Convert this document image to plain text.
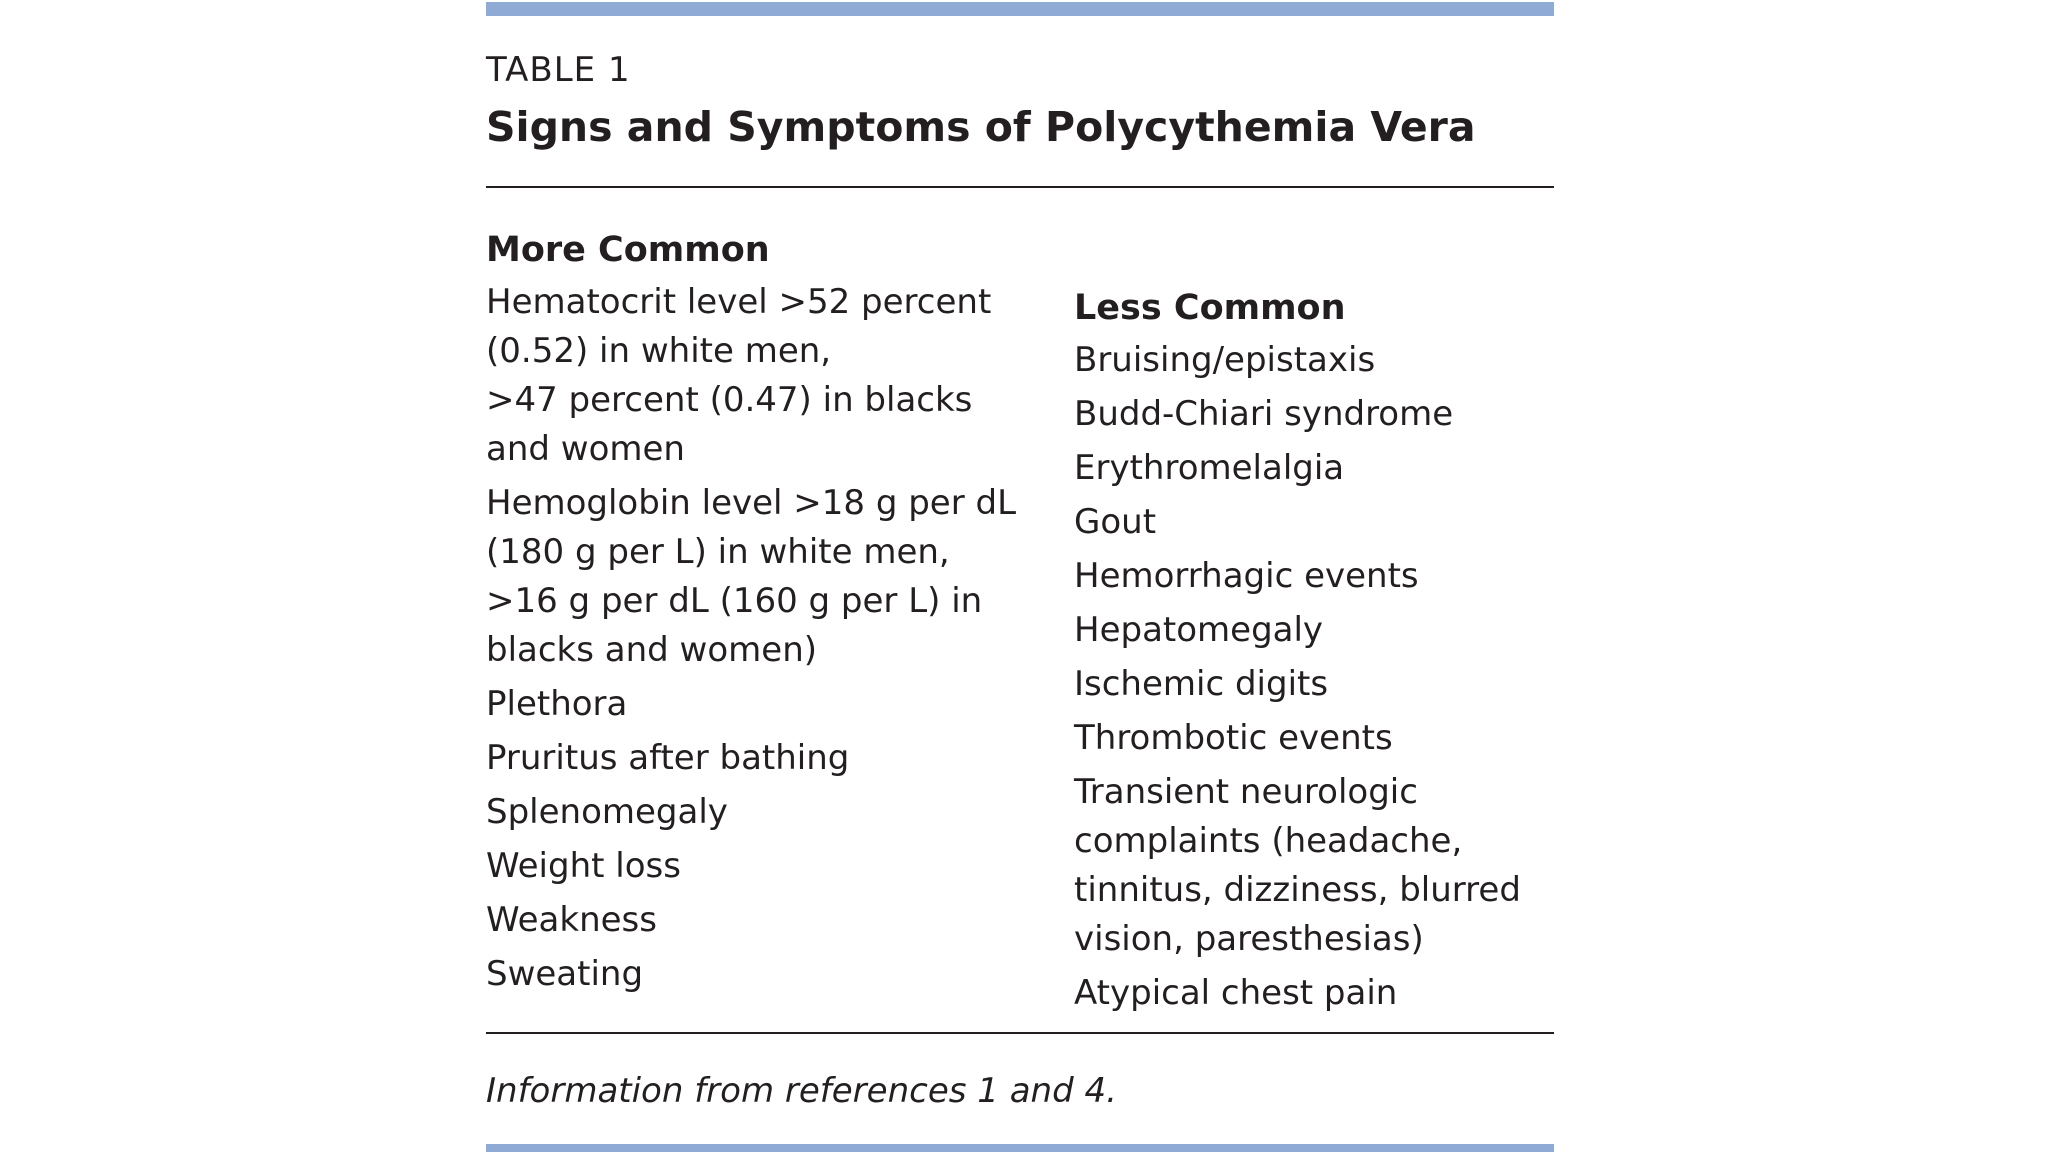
TABLE 1
Signs and Symptoms of Polycythemia Vera
More Common
Hematocrit level >52 percent
(0.52) in white men,
>47 percent (0.47) in blacks
and women
Hemoglobin level >18 g per dL
(180 g per L) in white men,
>16 g per dL (160 g per L) in
blacks and women)
Plethora
Pruritus after bathing
Splenomegaly
Weight loss
Weakness
Sweating
Less Common
Bruising/epistaxis
Budd-Chiari syndrome
Erythromelalgia
Gout
Hemorrhagic events
Hepatomegaly
Ischemic digits
Thrombotic events
Transient neurologic
complaints (headache,
tinnitus, dizziness, blurred
vision, paresthesias)
Atypical chest pain
Information from references 1 and 4.
